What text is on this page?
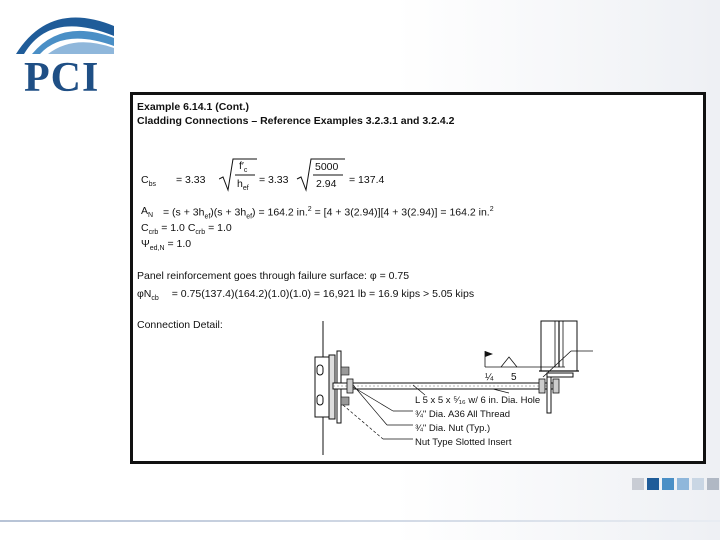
PCI
Example 6.14.1 (Cont.)
Cladding Connections – Reference Examples 3.2.3.1 and 3.2.4.2
$C_{bs} = 3.33$
$f'_c$
$h_{ef}$
= 3.33
5000
2.94 = 137.4
$A_N = (s + 3h_{ef})(s + 3h_{ef}) = 164.2$ in.$^2$ = [4 + 3(2.94)][4 + 3(2.94)] = 164.2 in.$^2$
$C_{crb} = 1.0$ $C_{crb} = 1.0$
$\Psi_{ed,N} = 1.0$
Panel reinforcement goes through failure surface: φ = 0.75
$\varphi N_{cb} = 0.75(137.4)(164.2)(1.0)(1.0) = 16,921$ lb = 16.9 kips > 5.05 kips
Connection Detail:
¼ 5
L 5 x 5 x ⁵⁄₁₆ w/ 6 in. Dia. Hole
¾" Dia. A36 All Thread
¾" Dia. Nut (Typ.)
Nut Type Slotted Insert
